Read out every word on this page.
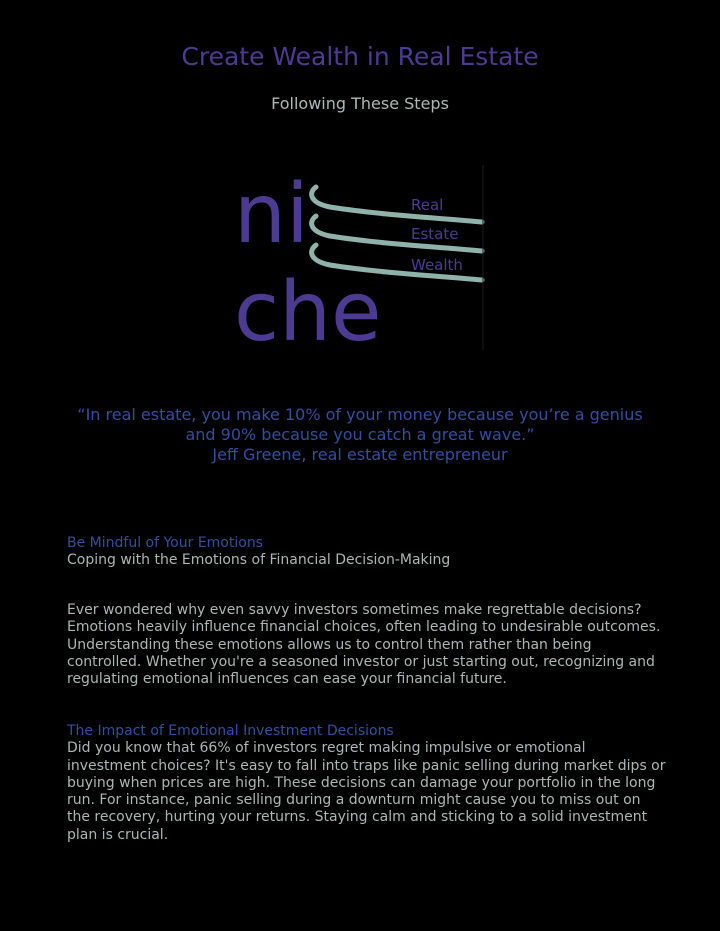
Create Wealth in Real Estate

Following These Steps

ni
che
Real
Estate
Wealth

“In real estate, you make 10% of your money because you’re a genius and 90% because you catch a great wave.”

Jeff Greene, real estate entrepreneur

Be Mindful of Your Emotions

Coping with the Emotions of Financial Decision-Making

Ever wondered why even savvy investors sometimes make regrettable decisions? Emotions heavily influence financial choices, often leading to undesirable outcomes. Understanding these emotions allows us to control them rather than being controlled. Whether you're a seasoned investor or just starting out, recognizing and regulating emotional influences can ease your financial future.

The Impact of Emotional Investment Decisions

Did you know that 66% of investors regret making impulsive or emotional investment choices? It's easy to fall into traps like panic selling during market dips or buying when prices are high. These decisions can damage your portfolio in the long run. For instance, panic selling during a downturn might cause you to miss out on the recovery, hurting your returns. Staying calm and sticking to a solid investment plan is crucial.
